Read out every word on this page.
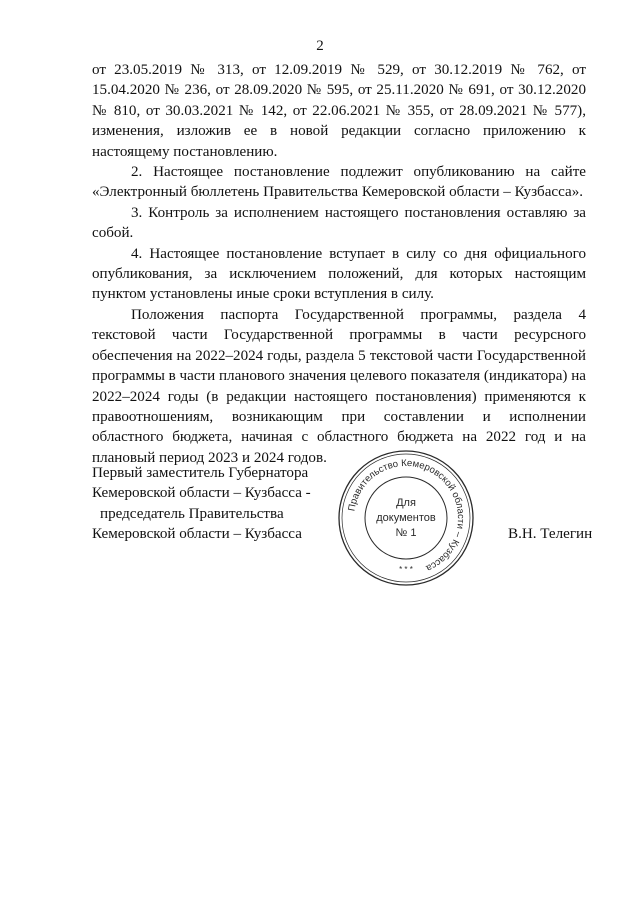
2

от 23.05.2019 № 313, от 12.09.2019 № 529, от 30.12.2019 № 762, от 15.04.2020 № 236, от 28.09.2020 № 595, от 25.11.2020 № 691, от 30.12.2020 № 810, от 30.03.2021 № 142, от 22.06.2021 № 355, от 28.09.2021 № 577), изменения, изложив ее в новой редакции согласно приложению к настоящему постановлению.

2. Настоящее постановление подлежит опубликованию на сайте «Электронный бюллетень Правительства Кемеровской области – Кузбасса».

3. Контроль за исполнением настоящего постановления оставляю за собой.

4. Настоящее постановление вступает в силу со дня официального опубликования, за исключением положений, для которых настоящим пунктом установлены иные сроки вступления в силу.

Положения паспорта Государственной программы, раздела 4 текстовой части Государственной программы в части ресурсного обеспечения на 2022–2024 годы, раздела 5 текстовой части Государственной программы в части планового значения целевого показателя (индикатора) на 2022–2024 годы (в редакции настоящего постановления) применяются к правоотношениям, возникающим при составлении и исполнении областного бюджета, начиная с областного бюджета на 2022 год и на плановый период 2023 и 2024 годов.

Первый заместитель Губернатора
Кемеровской области – Кузбасса -
председатель Правительства
Кемеровской области – Кузбасса
Правительство Кемеровской области – Кузбасса
* * *
Для
документов
№ 1	В.Н. Телегин
